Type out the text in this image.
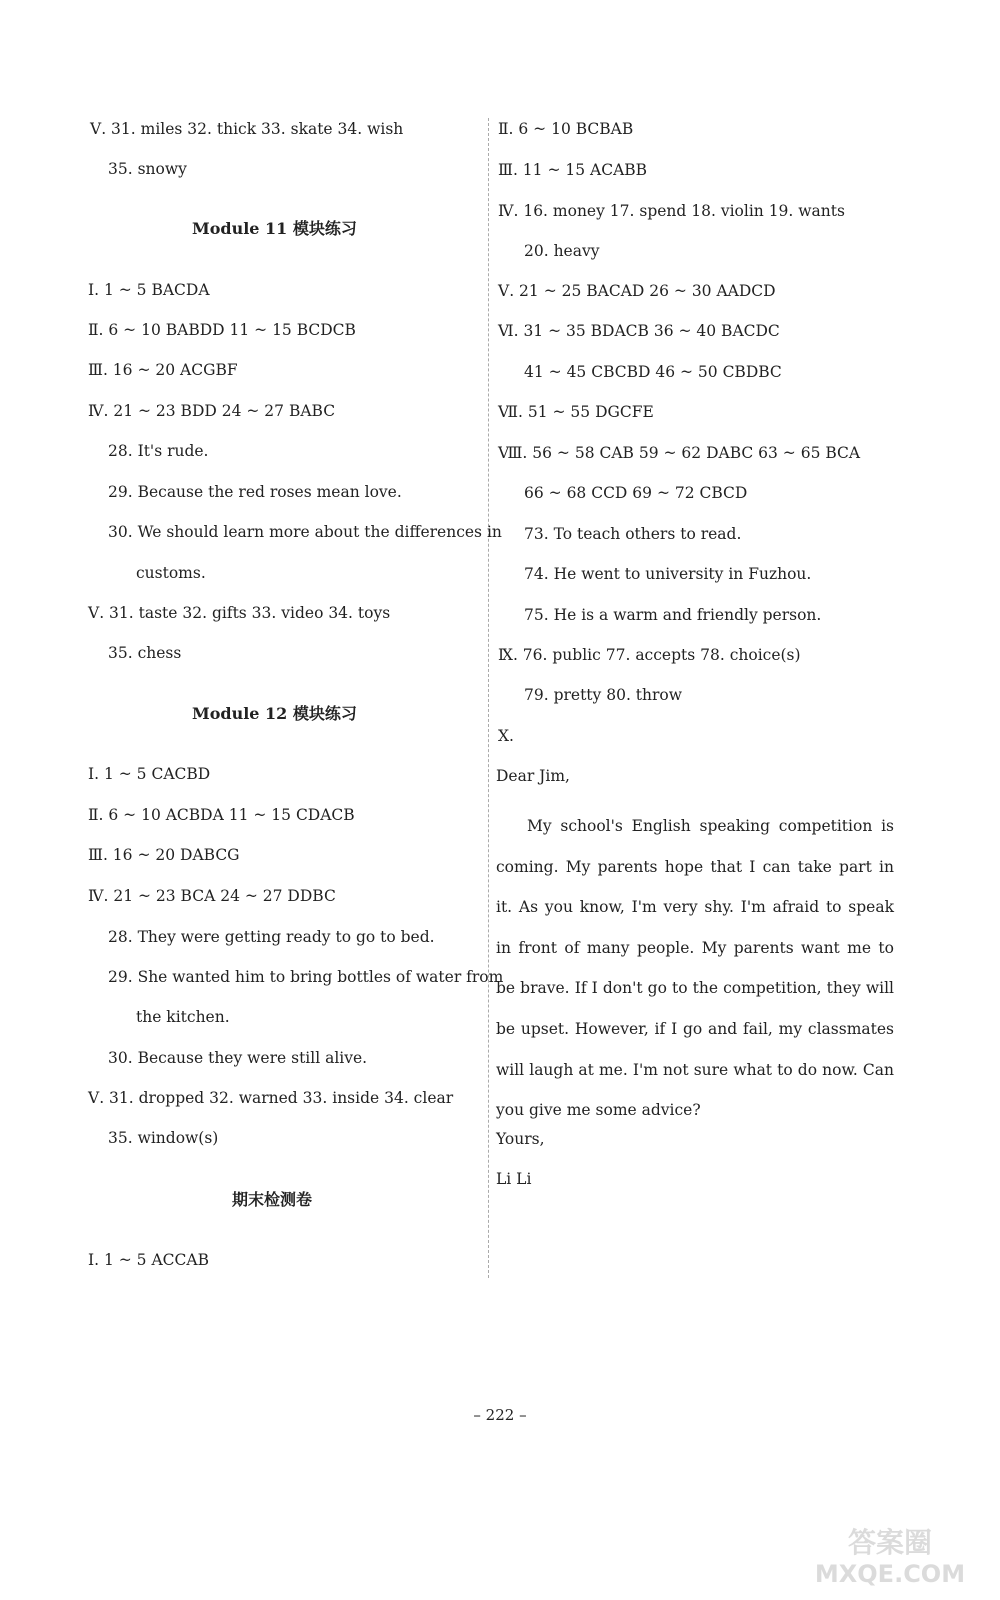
Ⅴ. 31. miles 32. thick 33. skate 34. wish
35. snowy
Module 11 模块练习
Ⅰ. 1 ~ 5 BACDA
Ⅱ. 6 ~ 10 BABDD 11 ~ 15 BCDCB
Ⅲ. 16 ~ 20 ACGBF
Ⅳ. 21 ~ 23 BDD 24 ~ 27 BABC
28. It's rude.
29. Because the red roses mean love.
30. We should learn more about the differences in
customs.
Ⅴ. 31. taste 32. gifts 33. video 34. toys
35. chess
Module 12 模块练习
Ⅰ. 1 ~ 5 CACBD
Ⅱ. 6 ~ 10 ACBDA 11 ~ 15 CDACB
Ⅲ. 16 ~ 20 DABCG
Ⅳ. 21 ~ 23 BCA 24 ~ 27 DDBC
28. They were getting ready to go to bed.
29. She wanted him to bring bottles of water from
the kitchen.
30. Because they were still alive.
Ⅴ. 31. dropped 32. warned 33. inside 34. clear
35. window(s)
期末检测卷
Ⅰ. 1 ~ 5 ACCAB
Ⅱ. 6 ~ 10 BCBAB
Ⅲ. 11 ~ 15 ACABB
Ⅳ. 16. money 17. spend 18. violin 19. wants
20. heavy
Ⅴ. 21 ~ 25 BACAD 26 ~ 30 AADCD
Ⅵ. 31 ~ 35 BDACB 36 ~ 40 BACDC
41 ~ 45 CBCBD 46 ~ 50 CBDBC
Ⅶ. 51 ~ 55 DGCFE
Ⅷ. 56 ~ 58 CAB 59 ~ 62 DABC 63 ~ 65 BCA
66 ~ 68 CCD 69 ~ 72 CBCD
73. To teach others to read.
74. He went to university in Fuzhou.
75. He is a warm and friendly person.
Ⅸ. 76. public 77. accepts 78. choice(s)
79. pretty 80. throw
Ⅹ.
Dear Jim,
My school's English speaking competition is coming. My parents hope that I can take part in it. As you know, I'm very shy. I'm afraid to speak in front of many people. My parents want me to be brave. If I don't go to the competition, they will be upset. However, if I go and fail, my classmates will laugh at me. I'm not sure what to do now. Can you give me some advice?
Yours,
Li Li
– 222 –
答案圈
MXQE.COM
